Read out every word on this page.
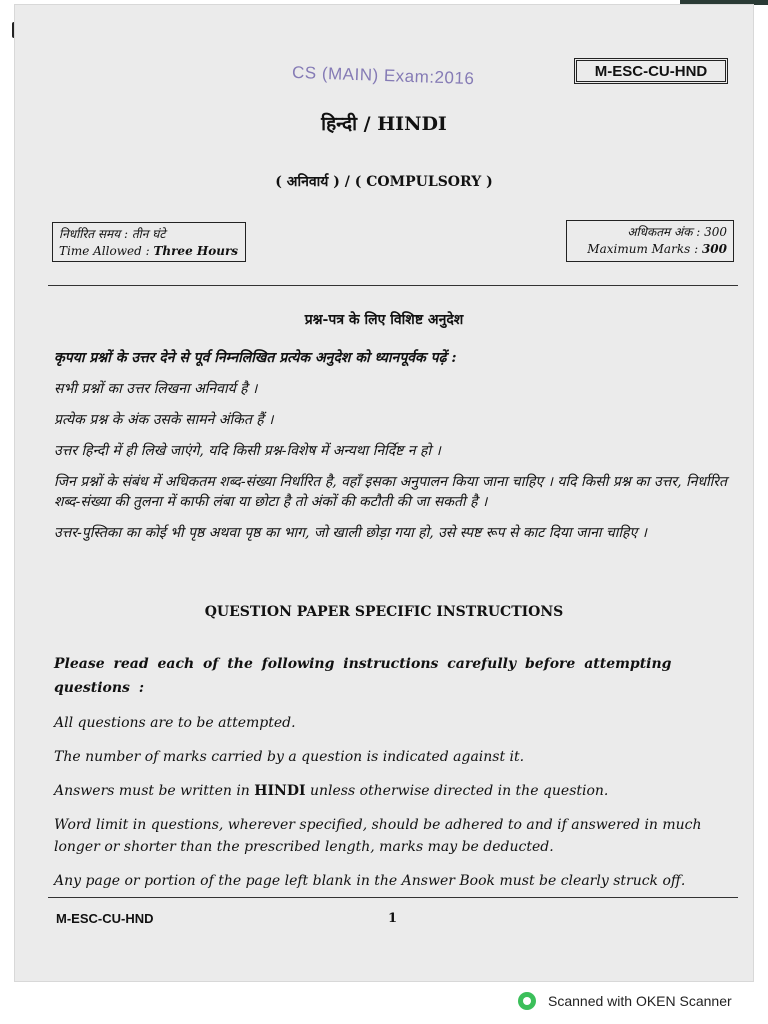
CS (MAIN) Exam:2016	M-ESC-CU-HND
हिन्दी / HINDI
( अनिवार्य ) / ( COMPULSORY )
निर्धारित समय : तीन घंटे
Time Allowed : Three Hours
अधिकतम अंक : 300
Maximum Marks : 300
प्रश्न-पत्र के लिए विशिष्ट अनुदेश

कृपया प्रश्नों के उत्तर देने से पूर्व निम्नलिखित प्रत्येक अनुदेश को ध्यानपूर्वक पढ़ें :

सभी प्रश्नों का उत्तर लिखना अनिवार्य है ।

प्रत्येक प्रश्न के अंक उसके सामने अंकित हैं ।

उत्तर हिन्दी में ही लिखे जाएंगे, यदि किसी प्रश्न-विशेष में अन्यथा निर्दिष्ट न हो ।

जिन प्रश्नों के संबंध में अधिकतम शब्द-संख्या निर्धारित है, वहाँ इसका अनुपालन किया जाना चाहिए । यदि किसी प्रश्न का उत्तर, निर्धारित शब्द-संख्या की तुलना में काफी लंबा या छोटा है तो अंकों की कटौती की जा सकती है ।

उत्तर-पुस्तिका का कोई भी पृष्ठ अथवा पृष्ठ का भाग, जो खाली छोड़ा गया हो, उसे स्पष्ट रूप से काट दिया जाना चाहिए ।

QUESTION PAPER SPECIFIC INSTRUCTIONS

Please read each of the following instructions carefully before attempting questions :

All questions are to be attempted.

The number of marks carried by a question is indicated against it.

Answers must be written in HINDI unless otherwise directed in the question.

Word limit in questions, wherever specified, should be adhered to and if answered in much longer or shorter than the prescribed length, marks may be deducted.

Any page or portion of the page left blank in the Answer Book must be clearly struck off.

M-ESC-CU-HND	1
Scanned with OKEN Scanner
